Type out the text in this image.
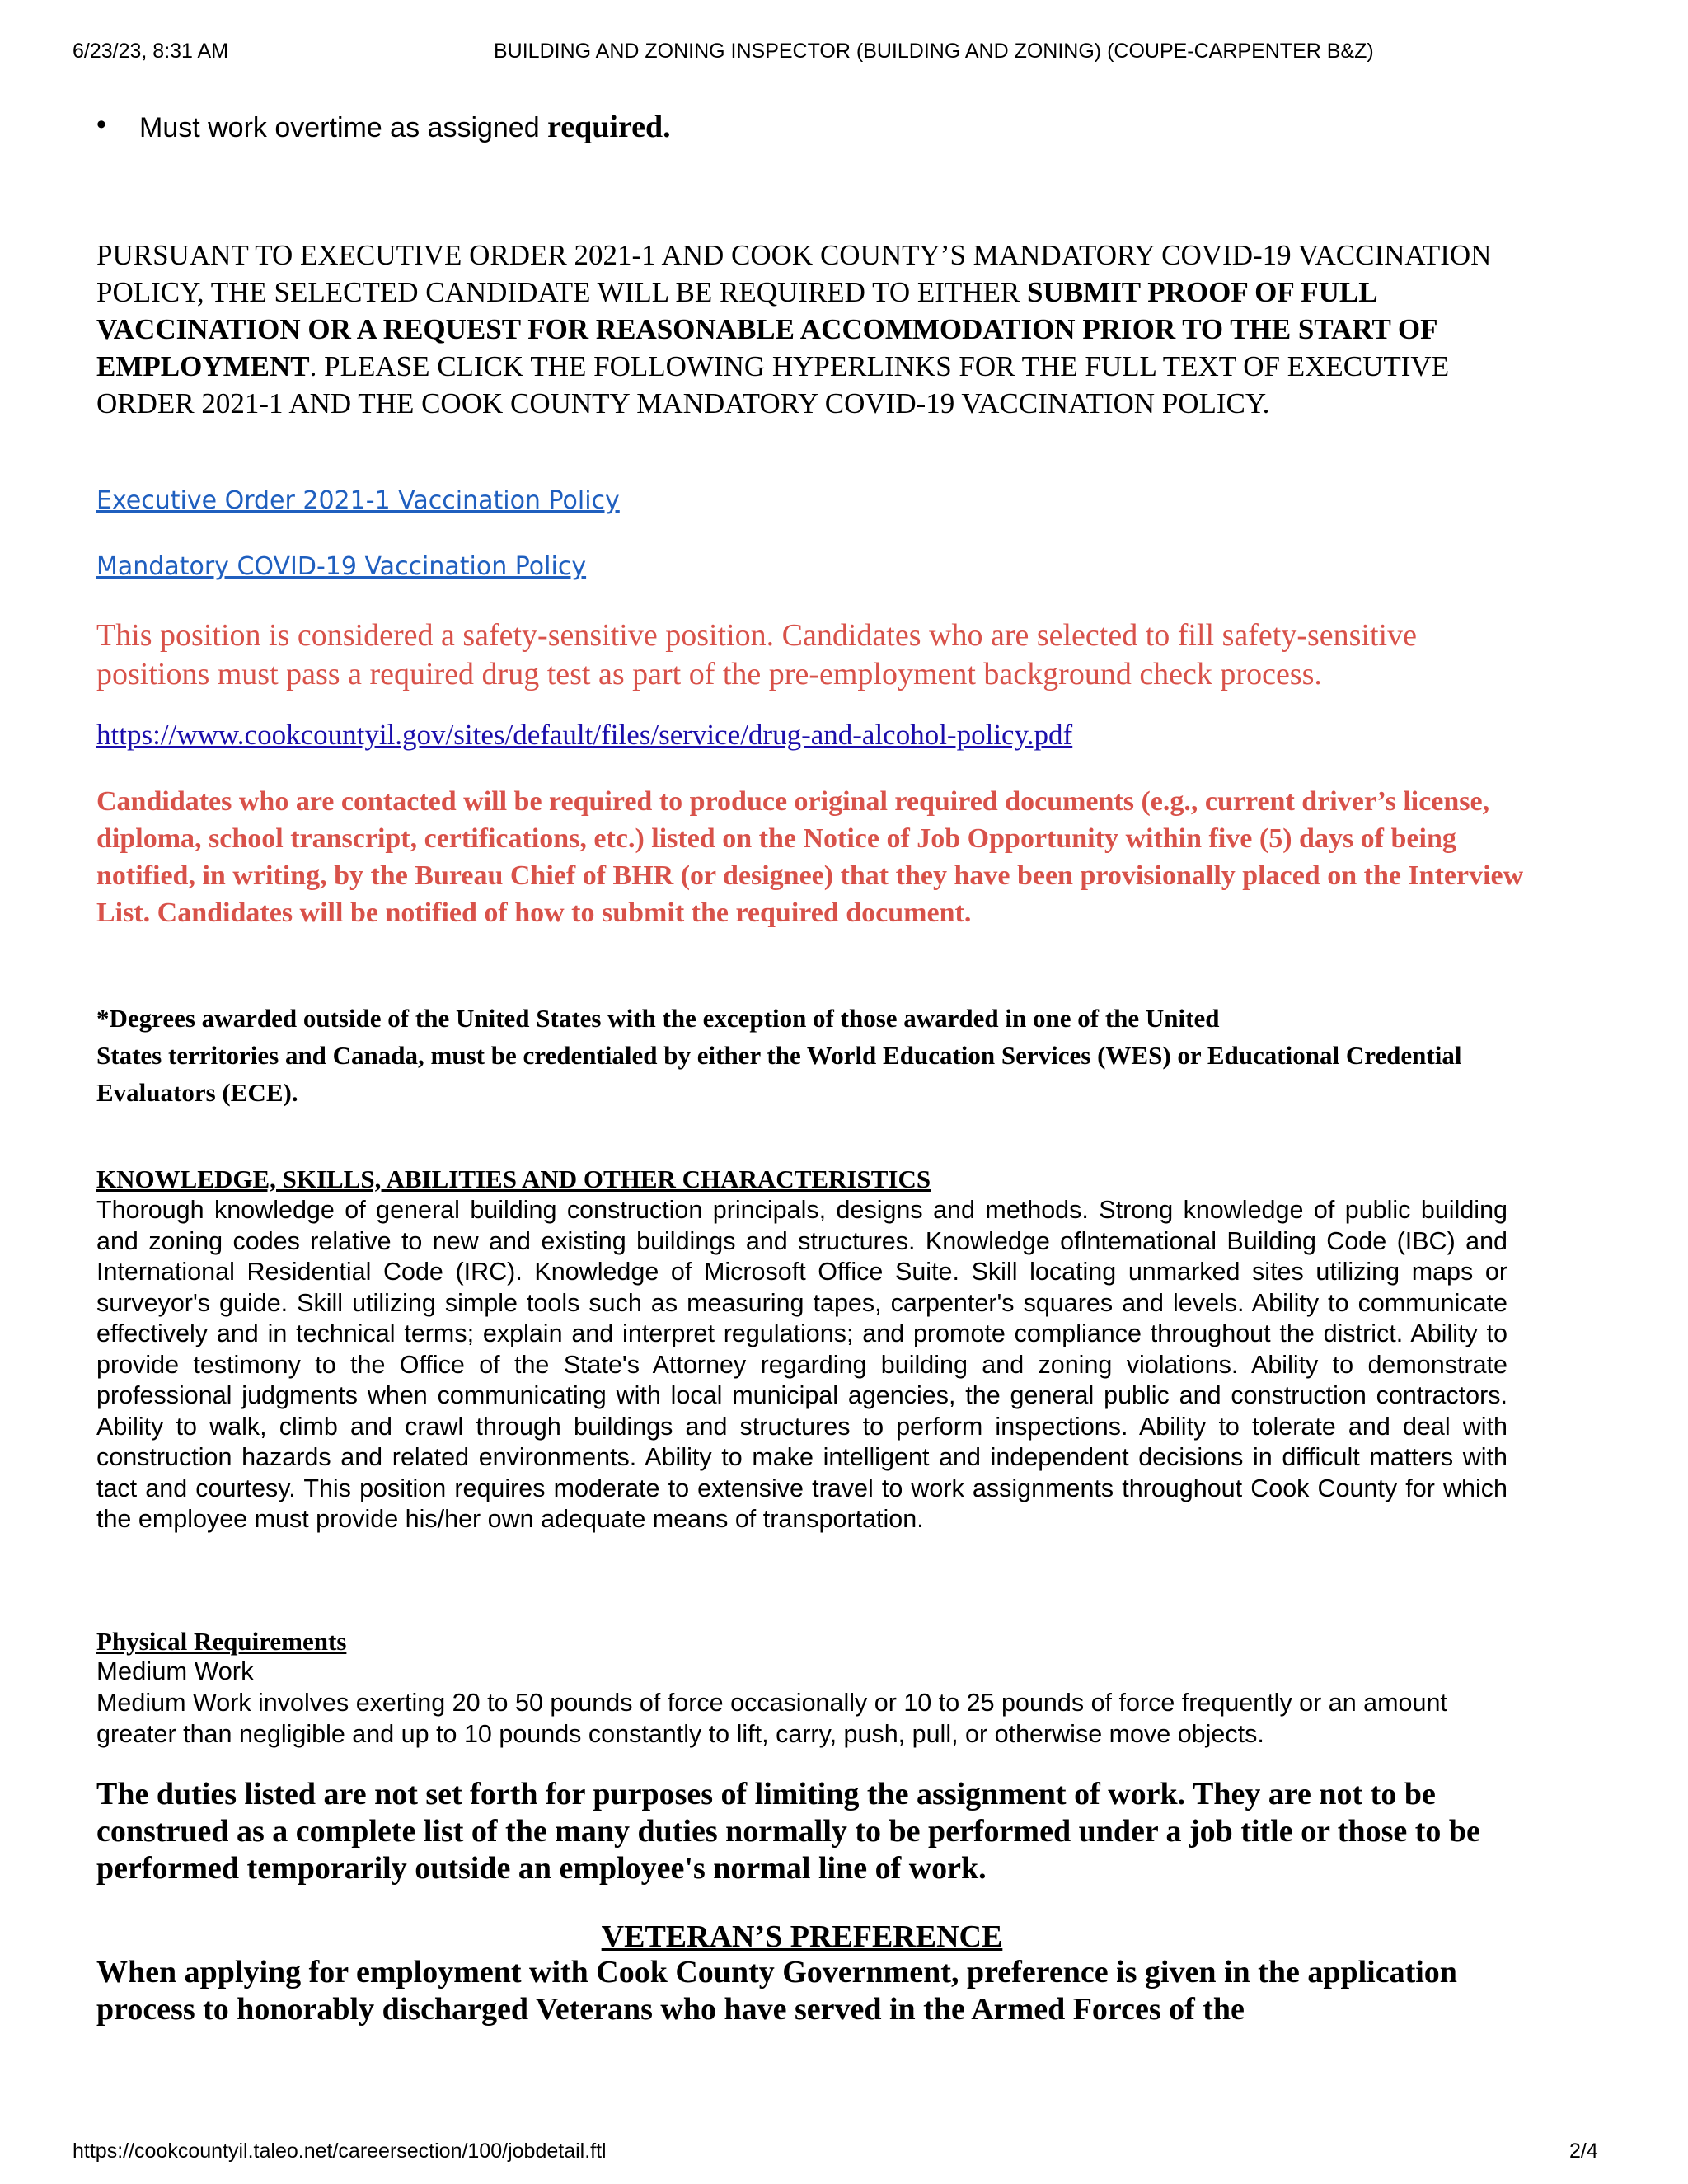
6/23/23, 8:31 AM	BUILDING AND ZONING INSPECTOR (BUILDING AND ZONING) (COUPE-CARPENTER B&Z)
• Must work overtime as assigned required.
PURSUANT TO EXECUTIVE ORDER 2021-1 AND COOK COUNTY’S MANDATORY COVID-19 VACCINATION POLICY, THE SELECTED CANDIDATE WILL BE REQUIRED TO EITHER SUBMIT PROOF OF FULL VACCINATION OR A REQUEST FOR REASONABLE ACCOMMODATION PRIOR TO THE START OF EMPLOYMENT. PLEASE CLICK THE FOLLOWING HYPERLINKS FOR THE FULL TEXT OF EXECUTIVE ORDER 2021-1 AND THE COOK COUNTY MANDATORY COVID-19 VACCINATION POLICY.
Executive Order 2021-1 Vaccination Policy
Mandatory COVID-19 Vaccination Policy
This position is considered a safety-sensitive position. Candidates who are selected to fill safety-sensitive positions must pass a required drug test as part of the pre-employment background check process.
https://www.cookcountyil.gov/sites/default/files/service/drug-and-alcohol-policy.pdf
Candidates who are contacted will be required to produce original required documents (e.g., current driver’s license, diploma, school transcript, certifications, etc.) listed on the Notice of Job Opportunity within five (5) days of being notified, in writing, by the Bureau Chief of BHR (or designee) that they have been provisionally placed on the Interview List. Candidates will be notified of how to submit the required document.
*Degrees awarded outside of the United States with the exception of those awarded in one of the United
States territories and Canada, must be credentialed by either the World Education Services (WES) or Educational Credential Evaluators (ECE).
KNOWLEDGE, SKILLS, ABILITIES AND OTHER CHARACTERISTICS
Thorough knowledge of general building construction principals, designs and methods. Strong knowledge of public building and zoning codes relative to new and existing buildings and structures. Knowledge oflntemational Building Code (IBC) and International Residential Code (IRC). Knowledge of Microsoft Office Suite. Skill locating unmarked sites utilizing maps or surveyor's guide. Skill utilizing simple tools such as measuring tapes, carpenter's squares and levels. Ability to communicate effectively and in technical terms; explain and interpret regulations; and promote compliance throughout the district. Ability to provide testimony to the Office of the State's Attorney regarding building and zoning violations. Ability to demonstrate professional judgments when communicating with local municipal agencies, the general public and construction contractors. Ability to walk, climb and crawl through buildings and structures to perform inspections. Ability to tolerate and deal with construction hazards and related environments. Ability to make intelligent and independent decisions in difficult matters with tact and courtesy. This position requires moderate to extensive travel to work assignments throughout Cook County for which the employee must provide his/her own adequate means of transportation.
Physical Requirements
Medium Work
Medium Work involves exerting 20 to 50 pounds of force occasionally or 10 to 25 pounds of force frequently or an amount greater than negligible and up to 10 pounds constantly to lift, carry, push, pull, or otherwise move objects.
The duties listed are not set forth for purposes of limiting the assignment of work. They are not to be construed as a complete list of the many duties normally to be performed under a job title or those to be performed temporarily outside an employee's normal line of work.
VETERAN’S PREFERENCE
When applying for employment with Cook County Government, preference is given in the application process to honorably discharged Veterans who have served in the Armed Forces of the
https://cookcountyil.taleo.net/careersection/100/jobdetail.ftl	2/4
